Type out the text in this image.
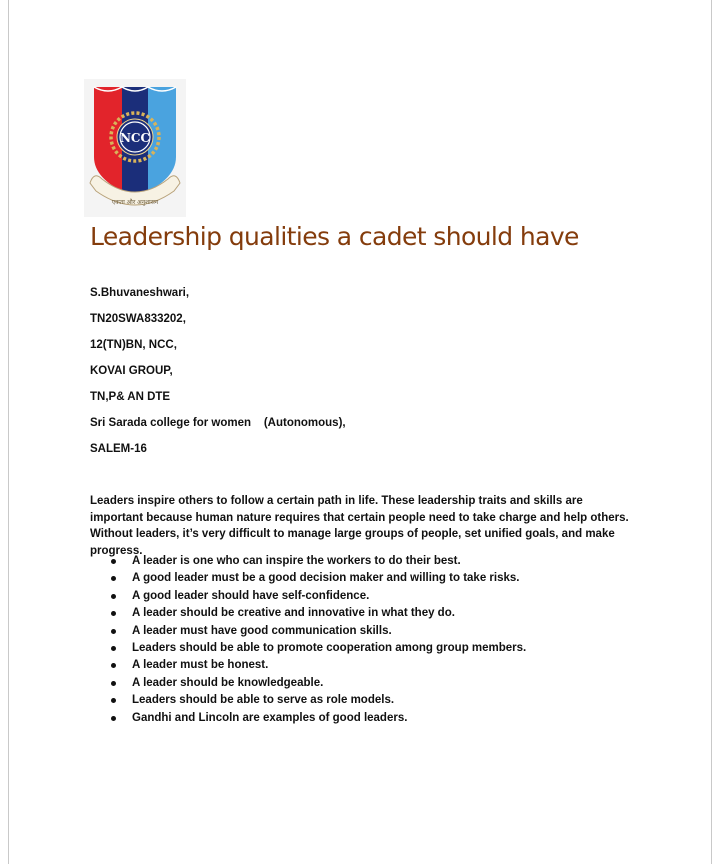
NCC
एकता और अनुशासन
Leadership qualities a cadet should have
S.Bhuvaneshwari,
TN20SWA833202,
12(TN)BN, NCC,
KOVAI GROUP,
TN,P& AN DTE
Sri Sarada college for women    (Autonomous),
SALEM-16

Leaders inspire others to follow a certain path in life. These leadership traits and skills are important because human nature requires that certain people need to take charge and help others. Without leaders, it’s very difficult to manage large groups of people, set unified goals, and make progress.

A leader is one who can inspire the workers to do their best.
A good leader must be a good decision maker and willing to take risks.
A good leader should have self-confidence.
A leader should be creative and innovative in what they do.
A leader must have good communication skills.
Leaders should be able to promote cooperation among group members.
A leader must be honest.
A leader should be knowledgeable.
Leaders should be able to serve as role models.
Gandhi and Lincoln are examples of good leaders.
